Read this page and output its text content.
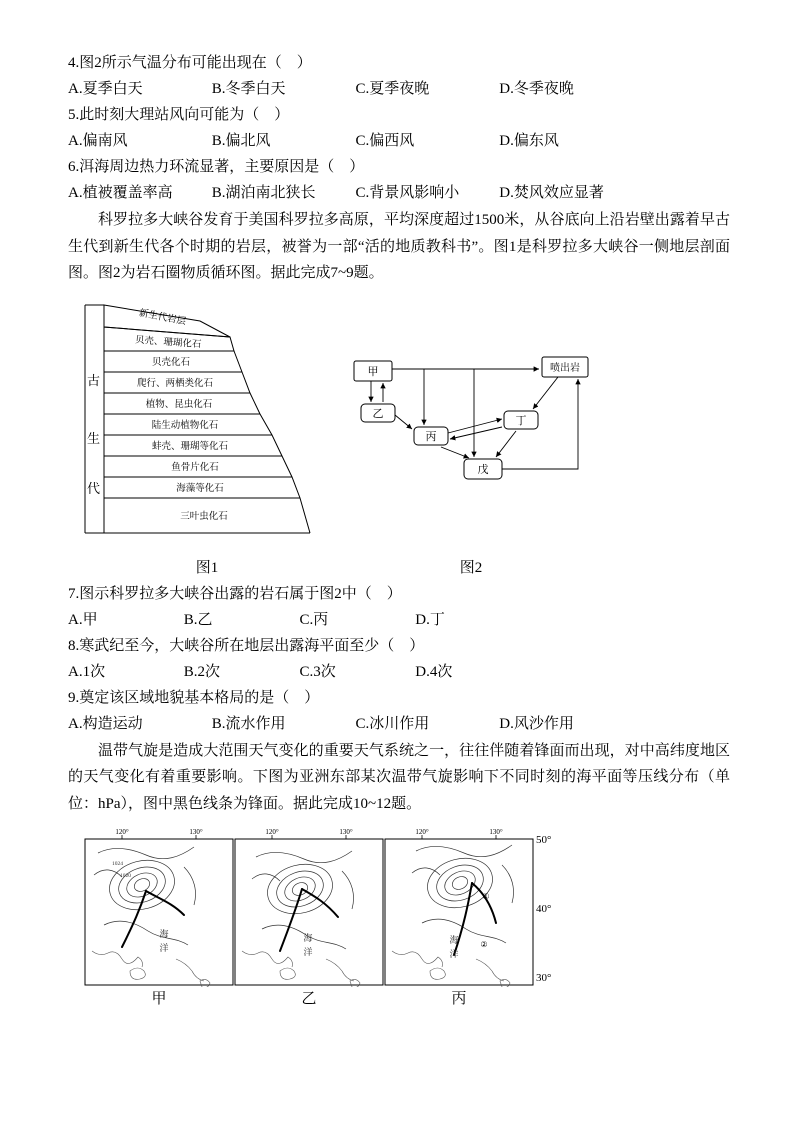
4.图2所示气温分布可能出现在（　）

A.夏季白天	B.冬季白天	C.夏季夜晚	D.冬季夜晚

5.此时刻大理站风向可能为（　）

A.偏南风	B.偏北风	C.偏西风	D.偏东风

6.洱海周边热力环流显著，主要原因是（　）

A.植被覆盖率高	B.湖泊南北狭长	C.背景风影响小	D.焚风效应显著

科罗拉多大峡谷发育于美国科罗拉多高原，平均深度超过1500米，从谷底向上沿岩壁出露着早古生代到新生代各个时期的岩层，被誉为一部“活的地质教科书”。图1是科罗拉多大峡谷一侧地层剖面图。图2为岩石圈物质循环图。据此完成7~9题。

古
生
代
新生代岩层
贝壳、珊瑚化石
贝壳化石
爬行、两栖类化石
植物、昆虫化石
陆生动植物化石
蚌壳、珊瑚等化石
鱼骨片化石
海藻等化石
三叶虫化石
甲	喷出岩
乙
丙
丁
戊
图1	图2

7.图示科罗拉多大峡谷出露的岩石属于图2中（　）

A.甲	B.乙	C.丙	D.丁

8.寒武纪至今，大峡谷所在地层出露海平面至少（　）

A.1次	B.2次	C.3次	D.4次

9.奠定该区域地貌基本格局的是（　）

A.构造运动	B.流水作用	C.冰川作用	D.风沙作用

温带气旋是造成大范围天气变化的重要天气系统之一，往往伴随着锋面而出现，对中高纬度地区的天气变化有着重要影响。下图为亚洲东部某次温带气旋影响下不同时刻的海平面等压线分布（单位：hPa），图中黑色线条为锋面。据此完成10~12题。

120°	130°
1024
1020
海
洋
120°	130°
海
洋
120°	130°
①
②
海
洋
50°
40°
30°
甲	乙	丙
